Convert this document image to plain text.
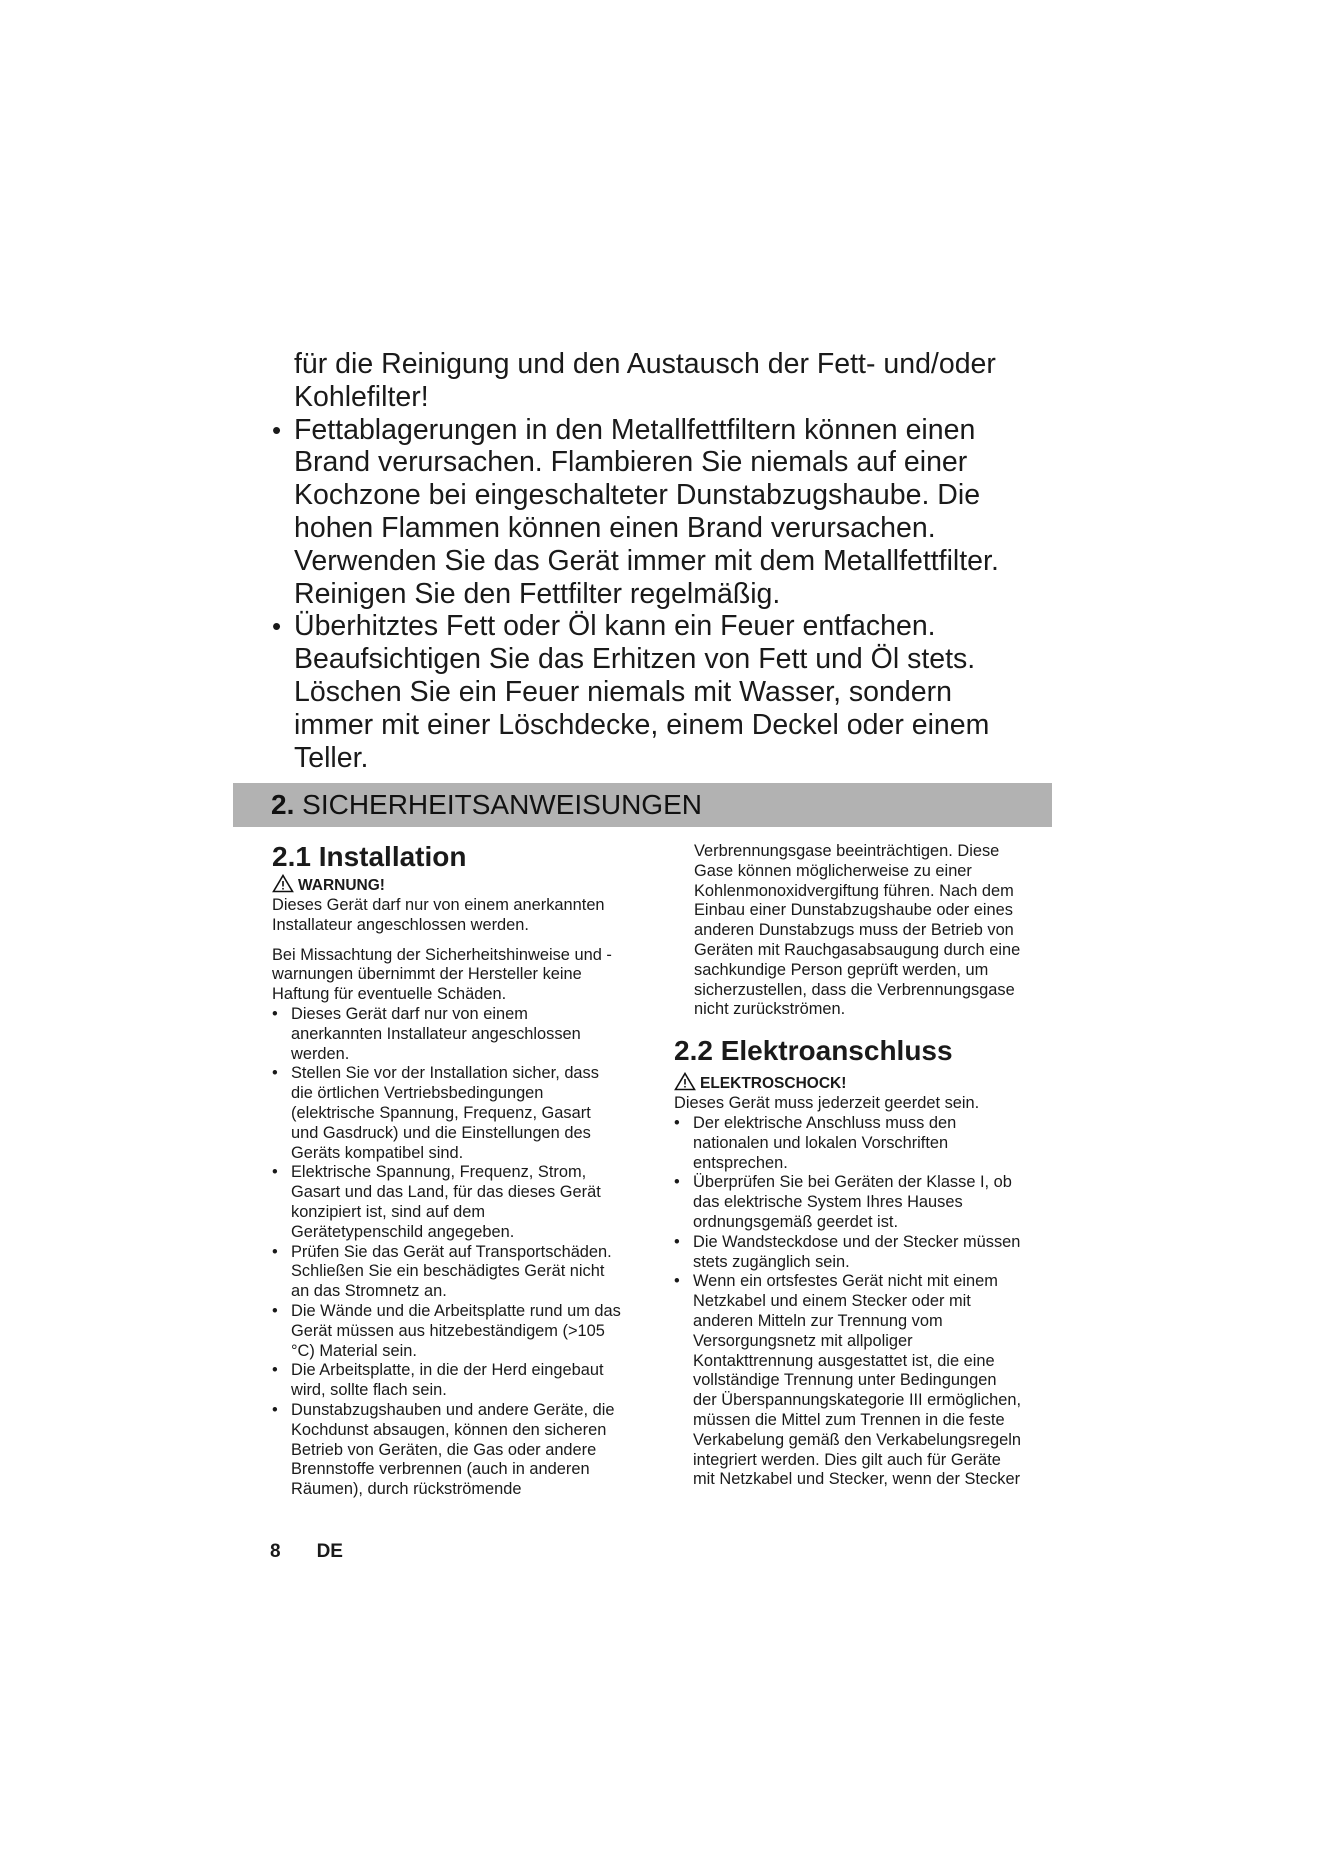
für die Reinigung und den Austausch der Fett- und/oder
Kohlefilter!
• Fettablagerungen in den Metallfettfiltern können einen
Brand verursachen. Flambieren Sie niemals auf einer
Kochzone bei eingeschalteter Dunstabzugshaube. Die
hohen Flammen können einen Brand verursachen.
Verwenden Sie das Gerät immer mit dem Metallfettfilter.
Reinigen Sie den Fettfilter regelmäßig.
• Überhitztes Fett oder Öl kann ein Feuer entfachen.
Beaufsichtigen Sie das Erhitzen von Fett und Öl stets.
Löschen Sie ein Feuer niemals mit Wasser, sondern
immer mit einer Löschdecke, einem Deckel oder einem
Teller.
2. SICHERHEITSANWEISUNGEN
2.1 Installation
WARNUNG!
Dieses Gerät darf nur von einem anerkannten
Installateur angeschlossen werden.
Bei Missachtung der Sicherheitshinweise und -
warnungen übernimmt der Hersteller keine
Haftung für eventuelle Schäden.
• Dieses Gerät darf nur von einem
anerkannten Installateur angeschlossen
werden.
• Stellen Sie vor der Installation sicher, dass
die örtlichen Vertriebsbedingungen
(elektrische Spannung, Frequenz, Gasart
und Gasdruck) und die Einstellungen des
Geräts kompatibel sind.
• Elektrische Spannung, Frequenz, Strom,
Gasart und das Land, für das dieses Gerät
konzipiert ist, sind auf dem
Gerätetypenschild angegeben.
• Prüfen Sie das Gerät auf Transportschäden.
Schließen Sie ein beschädigtes Gerät nicht
an das Stromnetz an.
• Die Wände und die Arbeitsplatte rund um das
Gerät müssen aus hitzebeständigem (>105
°C) Material sein.
• Die Arbeitsplatte, in die der Herd eingebaut
wird, sollte flach sein.
• Dunstabzugshauben und andere Geräte, die
Kochdunst absaugen, können den sicheren
Betrieb von Geräten, die Gas oder andere
Brennstoffe verbrennen (auch in anderen
Räumen), durch rückströmende
Verbrennungsgase beeinträchtigen. Diese
Gase können möglicherweise zu einer
Kohlenmonoxidvergiftung führen. Nach dem
Einbau einer Dunstabzugshaube oder eines
anderen Dunstabzugs muss der Betrieb von
Geräten mit Rauchgasabsaugung durch eine
sachkundige Person geprüft werden, um
sicherzustellen, dass die Verbrennungsgase
nicht zurückströmen.
2.2 Elektroanschluss
ELEKTROSCHOCK!
Dieses Gerät muss jederzeit geerdet sein.
• Der elektrische Anschluss muss den
nationalen und lokalen Vorschriften
entsprechen.
• Überprüfen Sie bei Geräten der Klasse I, ob
das elektrische System Ihres Hauses
ordnungsgemäß geerdet ist.
• Die Wandsteckdose und der Stecker müssen
stets zugänglich sein.
• Wenn ein ortsfestes Gerät nicht mit einem
Netzkabel und einem Stecker oder mit
anderen Mitteln zur Trennung vom
Versorgungsnetz mit allpoliger
Kontakttrennung ausgestattet ist, die eine
vollständige Trennung unter Bedingungen
der Überspannungskategorie III ermöglichen,
müssen die Mittel zum Trennen in die feste
Verkabelung gemäß den Verkabelungsregeln
integriert werden. Dies gilt auch für Geräte
mit Netzkabel und Stecker, wenn der Stecker
8 DE
